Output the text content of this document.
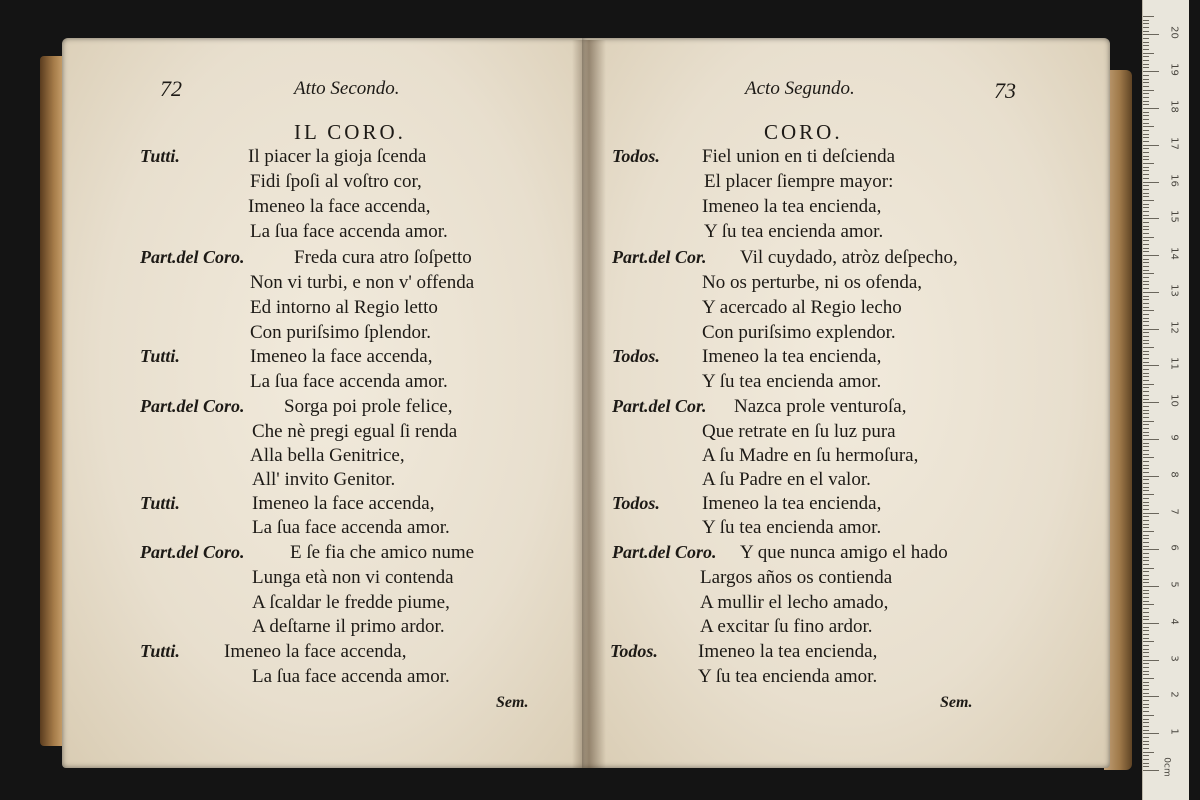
72	Atto Secondo.
IL CORO.
Tutti.	Il piacer la gioja ſcenda
Fidi ſpoſi al voſtro cor,
Imeneo la face accenda,
La ſua face accenda amor.
Part.del Coro.	Freda cura atro ſoſpetto
Non vi turbi, e non v' offenda
Ed intorno al Regio letto
Con puriſsimo ſplendor.
Tutti.	Imeneo la face accenda,
La ſua face accenda amor.
Part.del Coro. Sorga poi prole felice,
Che nè pregi egual ſi renda
Alla bella Genitrice,
All' invito Genitor.
Tutti.	Imeneo la face accenda,
La ſua face accenda amor.
Part.del Coro. E ſe fia che amico nume
Lunga età non vi contenda
A ſcaldar le fredde piume,
A deſtarne il primo ardor.
Tutti. Imeneo la face accenda,
La ſua face accenda amor.
Sem.
Acto Segundo.	73
CORO.
Todos. Fiel union en ti deſcienda
El placer ſiempre mayor:
Imeneo la tea encienda,
Y ſu tea encienda amor.
Part.del Cor. Vil cuydado, atròz deſpecho,
No os perturbe, ni os ofenda,
Y acercado al Regio lecho
Con puriſsimo explendor.
Todos. Imeneo la tea encienda,
Y ſu tea encienda amor.
Part.del Cor. Nazca prole venturoſa,
Que retrate en ſu luz pura
A ſu Madre en ſu hermoſura,
A ſu Padre en el valor.
Todos. Imeneo la tea encienda,
Y ſu tea encienda amor.
Part.del Coro. Y que nunca amigo el hado
Largos años os contienda
A mullir el lecho amado,
A excitar ſu fino ardor.
Todos. Imeneo la tea encienda,
Y ſu tea encienda amor.
Sem.
0cm
1
2
3
4
5
6
7
8
9
10
11
12
13
14
15
16
17
18
19
20
